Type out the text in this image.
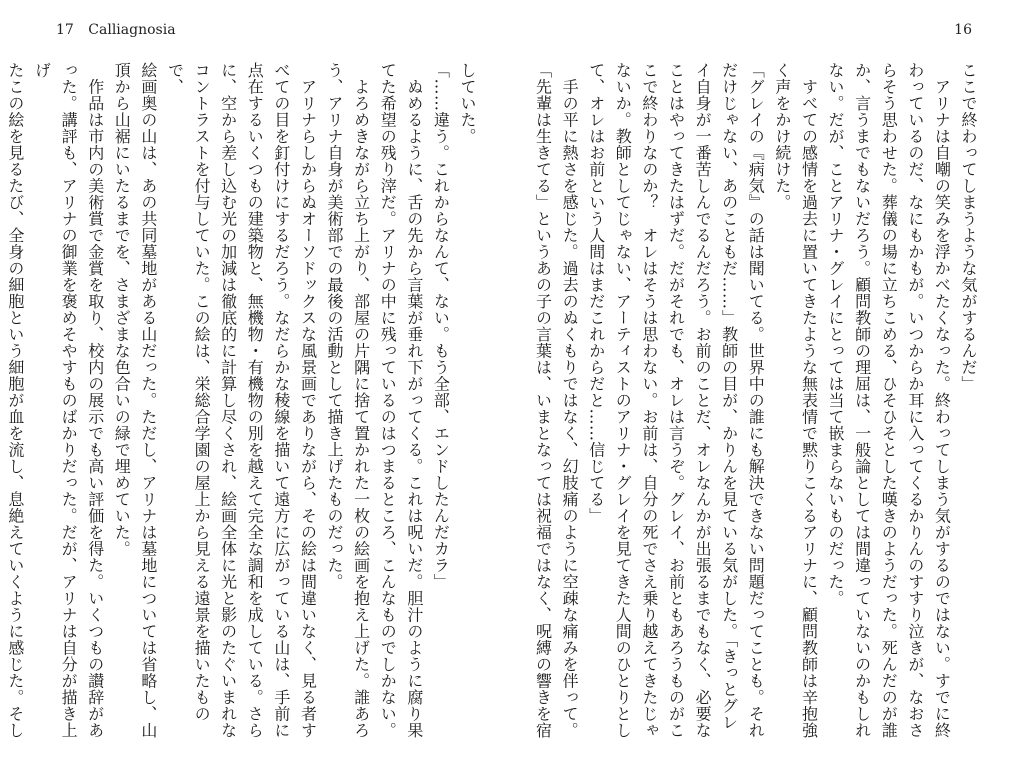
17 Calliagnosia	16

ここで終わってしまうような気がするんだ」

　アリナは自嘲の笑みを浮かべたくなった。終わってしまう気がするのではない。すでに終

わっているのだ、なにもかもが。いつからか耳に入ってくるかりんのすすり泣きが、なおさ

らそう思わせた。葬儀の場に立ちこめる、ひそひそとした嘆きのようだった。死んだのが誰

か、言うまでもないだろう。顧問教師の理屈は、一般論としては間違っていないのかもしれ

ない。だが、ことアリナ・グレイにとっては当て嵌まらないものだった。

　すべての感情を過去に置いてきたような無表情で黙りこくるアリナに、顧問教師は辛抱強

く声をかけ続けた。

「グレイの『病気』の話は聞いてる。世界中の誰にも解決できない問題だってことも。それ

だけじゃない、あのこともだ……」教師の目が、かりんを見ている気がした。「きっとグレ

イ自身が一番苦しんでるんだろう。お前のことだ、オレなんかが出張るまでもなく、必要な

ことはやってきたはずだ。だがそれでも、オレは言うぞ。グレイ、お前ともあろうものがこ

こで終わりなのか？　オレはそうは思わない。お前は、自分の死でさえ乗り越えてきたじゃ

ないか。教師としてじゃない、アーティストのアリナ・グレイを見てきた人間のひとりとし

て、オレはお前という人間はまだこれからだと……信じてる」

　手の平に熱さを感じた。過去のぬくもりではなく、幻肢痛のように空疎な痛みを伴って。

「先輩は生きてる」というあの子の言葉は、いまとなっては祝福ではなく、呪縛の響きを宿

していた。

「……違う。これからなんて、ない。もう全部、エンドしたんだカラ」

　ぬめるように、舌の先から言葉が垂れ下がってくる。これは呪いだ。胆汁のように腐り果

てた希望の残り滓だ。アリナの中に残っているのはつまるところ、こんなものでしかない。

　よろめきながら立ち上がり、部屋の片隅に捨て置かれた一枚の絵画を抱え上げた。誰あろ

う、アリナ自身が美術部での最後の活動として描き上げたものだった。

　アリナらしからぬオーソドックスな風景画でありながら、その絵は間違いなく、見る者す

べての目を釘付けにするだろう。なだらかな稜線を描いて遠方に広がっている山は、手前に

点在するいくつもの建築物と、無機物・有機物の別を越えて完全な調和を成している。さら

に、空から差し込む光の加減は徹底的に計算し尽くされ、絵画全体に光と影のたぐいまれな

コントラストを付与していた。この絵は、栄総合学園の屋上から見える遠景を描いたもので、

絵画奥の山は、あの共同墓地がある山だった。ただし、アリナは墓地については省略し、山

頂から山裾にいたるまでを、さまざまな色合いの緑で埋めていた。

　作品は市内の美術賞で金賞を取り、校内の展示でも高い評価を得た。いくつもの讃辞があ

った。講評も、アリナの御業を褒めそやすものばかりだった。だが、アリナは自分が描き上げ

たこの絵を見るたび、全身の細胞という細胞が血を流し、息絶えていくように感じた。そし
